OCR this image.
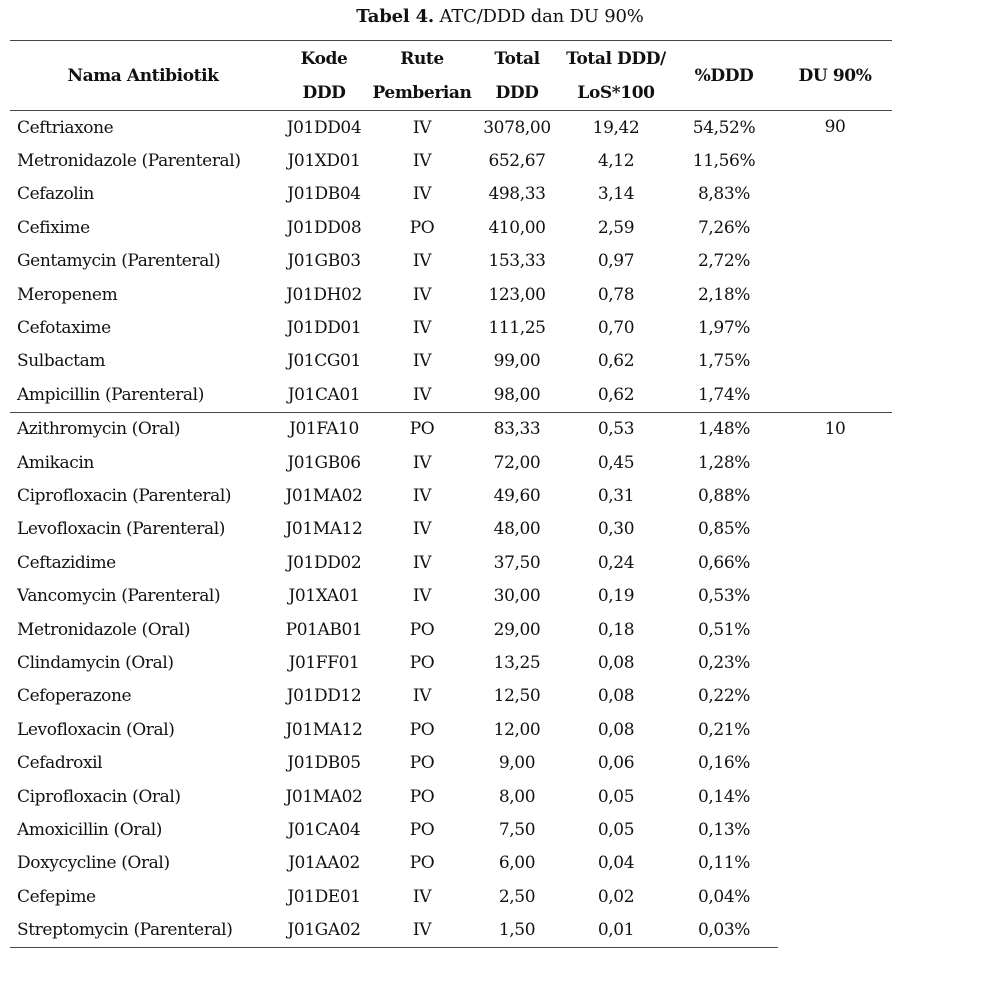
Tabel 4. ATC/DDD dan DU 90%
Nama Antibiotik	Kode	Rute	Total	Total DDD/	%DDD	DU 90%
	DDD	Pemberian	DDD	LoS*100		
Ceftriaxone	J01DD04	IV	3078,00	19,42	54,52%	90
Metronidazole (Parenteral)	J01XD01	IV	652,67	4,12	11,56%	
Cefazolin	J01DB04	IV	498,33	3,14	8,83%	
Cefixime	J01DD08	PO	410,00	2,59	7,26%	
Gentamycin (Parenteral)	J01GB03	IV	153,33	0,97	2,72%	
Meropenem	J01DH02	IV	123,00	0,78	2,18%	
Cefotaxime	J01DD01	IV	111,25	0,70	1,97%	
Sulbactam	J01CG01	IV	99,00	0,62	1,75%	
Ampicillin (Parenteral)	J01CA01	IV	98,00	0,62	1,74%	
Azithromycin (Oral)	J01FA10	PO	83,33	0,53	1,48%	10
Amikacin	J01GB06	IV	72,00	0,45	1,28%	
Ciprofloxacin (Parenteral)	J01MA02	IV	49,60	0,31	0,88%	
Levofloxacin (Parenteral)	J01MA12	IV	48,00	0,30	0,85%	
Ceftazidime	J01DD02	IV	37,50	0,24	0,66%	
Vancomycin (Parenteral)	J01XA01	IV	30,00	0,19	0,53%	
Metronidazole (Oral)	P01AB01	PO	29,00	0,18	0,51%	
Clindamycin (Oral)	J01FF01	PO	13,25	0,08	0,23%	
Cefoperazone	J01DD12	IV	12,50	0,08	0,22%	
Levofloxacin (Oral)	J01MA12	PO	12,00	0,08	0,21%	
Cefadroxil	J01DB05	PO	9,00	0,06	0,16%	
Ciprofloxacin (Oral)	J01MA02	PO	8,00	0,05	0,14%	
Amoxicillin (Oral)	J01CA04	PO	7,50	0,05	0,13%	
Doxycycline (Oral)	J01AA02	PO	6,00	0,04	0,11%	
Cefepime	J01DE01	IV	2,50	0,02	0,04%	
Streptomycin (Parenteral)	J01GA02	IV	1,50	0,01	0,03%	
